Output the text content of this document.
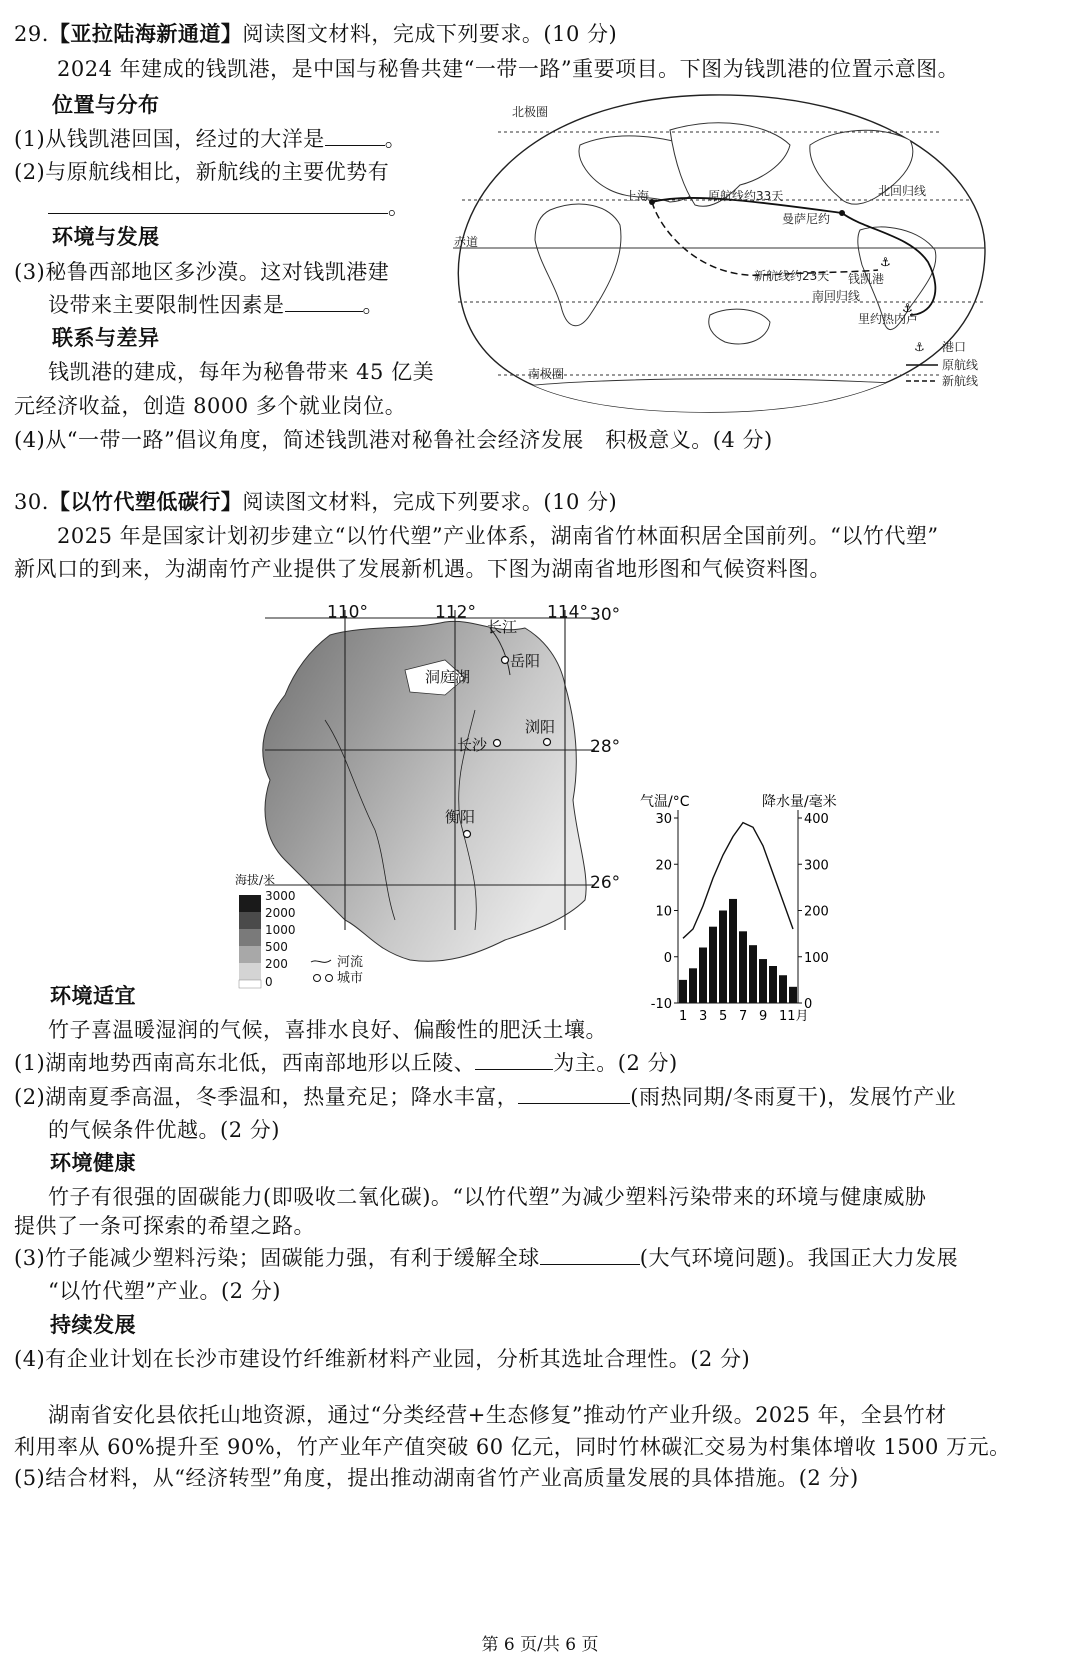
29.【亚拉陆海新通道】阅读图文材料，完成下列要求。(10 分)
2024 年建成的钱凯港，是中国与秘鲁共建“一带一路”重要项目。下图为钱凯港的位置示意图。
位置与分布
(1)从钱凯港回国，经过的大洋是	。
(2)与原航线相比，新航线的主要优势有
。
环境与发展
(3)秘鲁西部地区多沙漠。这对钱凯港建
设带来主要限制性因素是	。
联系与差异
钱凯港的建成，每年为秘鲁带来 45 亿美
元经济收益，创造 8000 多个就业岗位。
(4)从“一带一路”倡议角度，简述钱凯港对秘鲁社会经济发展　积极意义。(4 分)
⚓
⚓
北极圈
南极圈
赤道
北回归线
南回归线
上海
曼萨尼约
钱凯港
里约热内卢
原航线约33天
新航线约23天
⚓ 港口
原航线
新航线
30.【以竹代塑低碳行】阅读图文材料，完成下列要求。(10 分)
2025 年是国家计划初步建立“以竹代塑”产业体系，湖南省竹林面积居全国前列。“以竹代塑”
新风口的到来，为湖南竹产业提供了发展新机遇。下图为湖南省地形图和气候资料图。
110°	112°	114° 30°
28°
26°
长江
岳阳
洞庭湖
长沙
浏阳
衡阳
海拔/米
3000
2000
1000
500
200
0
河流
城市
气温/°C	降水量/毫米
30
20
10
0
-10
400
300
200
100
0
1 3 5 7 9 11月
环境适宜
竹子喜温暖湿润的气候，喜排水良好、偏酸性的肥沃土壤。
(1)湖南地势西南高东北低，西南部地形以丘陵、	为主。(2 分)
(2)湖南夏季高温，冬季温和，热量充足；降水丰富，	(雨热同期/冬雨夏干)，发展竹产业
的气候条件优越。(2 分)
环境健康
竹子有很强的固碳能力(即吸收二氧化碳)。“以竹代塑”为减少塑料污染带来的环境与健康威胁
提供了一条可探索的希望之路。
(3)竹子能减少塑料污染；固碳能力强，有利于缓解全球	(大气环境问题)。我国正大力发展
“以竹代塑”产业。(2 分)
持续发展
(4)有企业计划在长沙市建设竹纤维新材料产业园，分析其选址合理性。(2 分)
湖南省安化县依托山地资源，通过“分类经营+生态修复”推动竹产业升级。2025 年，全县竹材
利用率从 60%提升至 90%，竹产业年产值突破 60 亿元，同时竹林碳汇交易为村集体增收 1500 万元。
(5)结合材料，从“经济转型”角度，提出推动湖南省竹产业高质量发展的具体措施。(2 分)
第 6 页/共 6 页
